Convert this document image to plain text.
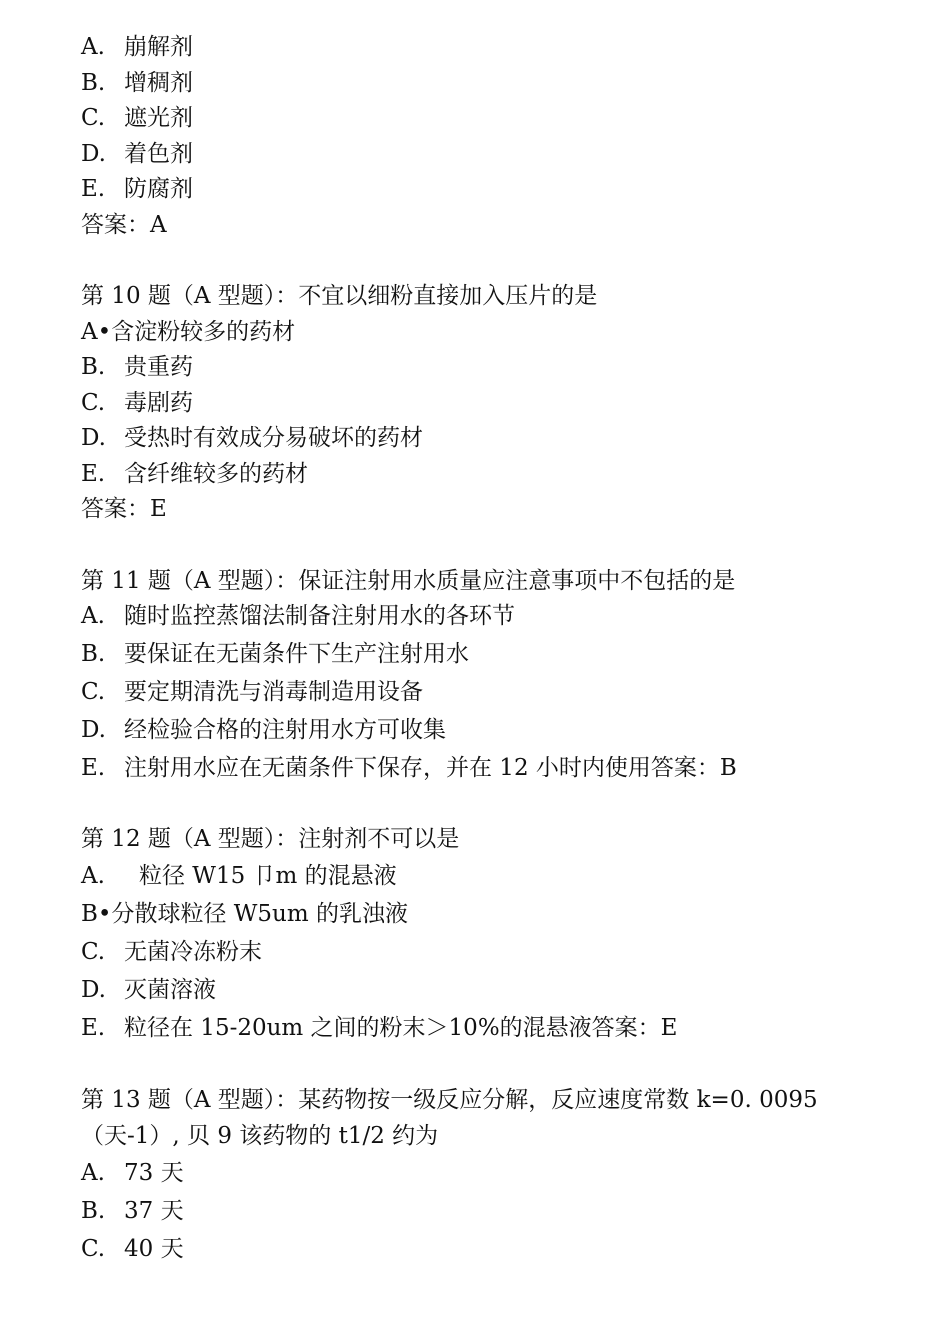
A. 崩解剂
B. 增稠剂
C. 遮光剂
D. 着色剂
E. 防腐剂
答案：A
第 10 题（A 型题）：不宜以细粉直接加入压片的是
A•含淀粉较多的药材
B. 贵重药
C. 毒剧药
D. 受热时有效成分易破坏的药材
E. 含纤维较多的药材
答案：E
第 11 题（A 型题）：保证注射用水质量应注意事项中不包括的是
A. 随时监控蒸馏法制备注射用水的各环节
B. 要保证在无菌条件下生产注射用水
C. 要定期清洗与消毒制造用设备
D. 经检验合格的注射用水方可收集
E. 注射用水应在无菌条件下保存，并在 12 小时内使用答案：B
第 12 题（A 型题）：注射剂不可以是
A. 粒径 W15 卩m 的混悬液
B•分散球粒径 W5um 的乳浊液
C. 无菌冷冻粉末
D. 灭菌溶液
E. 粒径在 15-20um 之间的粉末＞10%的混悬液答案：E
第 13 题（A 型题）：某药物按一级反应分解，反应速度常数 k=0. 0095（天-1）, 贝 9 该药物的 t1/2 约为
A. 73 天
B. 37 天
C. 40 天
